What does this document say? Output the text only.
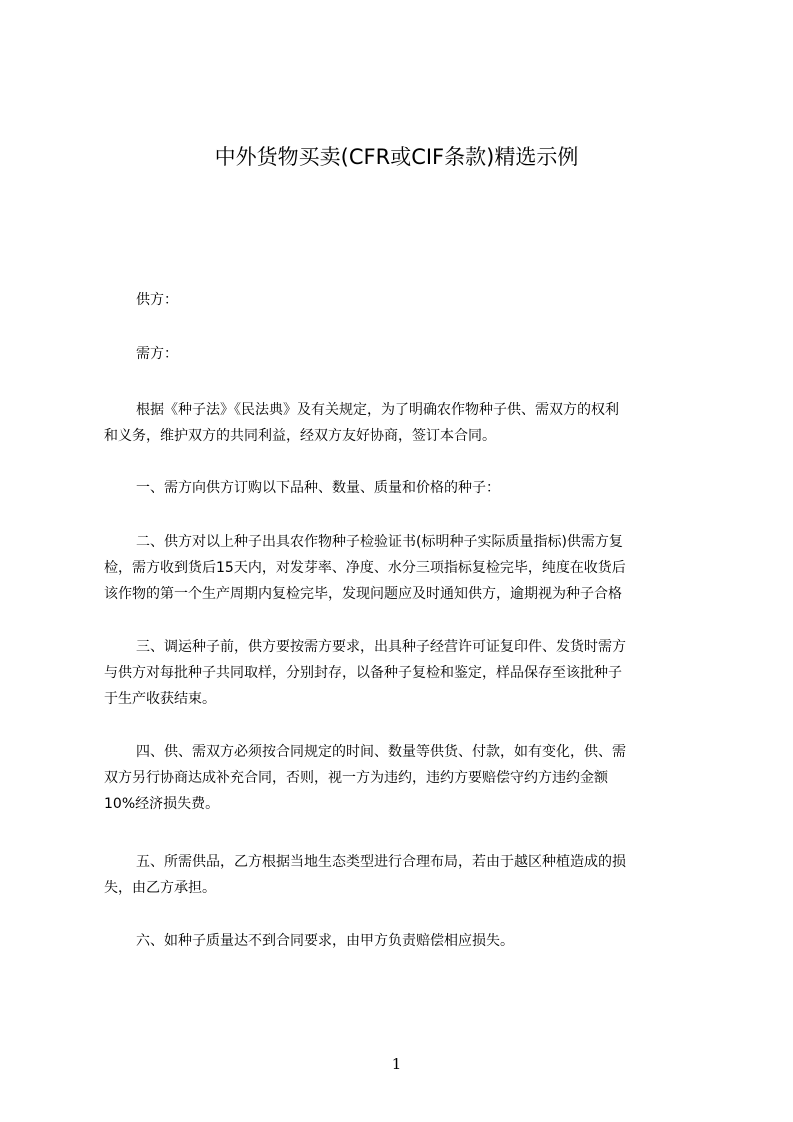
中外货物买卖(CFR或CIF条款)精选示例
供方：
需方：
根据《种子法》《民法典》及有关规定，为了明确农作物种子供、需双方的权利
和义务，维护双方的共同利益，经双方友好协商，签订本合同。
一、需方向供方订购以下品种、数量、质量和价格的种子：
二、供方对以上种子出具农作物种子检验证书(标明种子实际质量指标)供需方复
检，需方收到货后15天内，对发芽率、净度、水分三项指标复检完毕，纯度在收货后
该作物的第一个生产周期内复检完毕，发现问题应及时通知供方，逾期视为种子合格
三、调运种子前，供方要按需方要求，出具种子经营许可证复印件、发货时需方
与供方对每批种子共同取样，分别封存，以备种子复检和鉴定，样品保存至该批种子
于生产收获结束。
四、供、需双方必须按合同规定的时间、数量等供货、付款，如有变化，供、需
双方另行协商达成补充合同，否则，视一方为违约，违约方要赔偿守约方违约金额
10%经济损失费。
五、所需供品，乙方根据当地生态类型进行合理布局，若由于越区种植造成的损
失，由乙方承担。
六、如种子质量达不到合同要求，由甲方负责赔偿相应损失。
1
